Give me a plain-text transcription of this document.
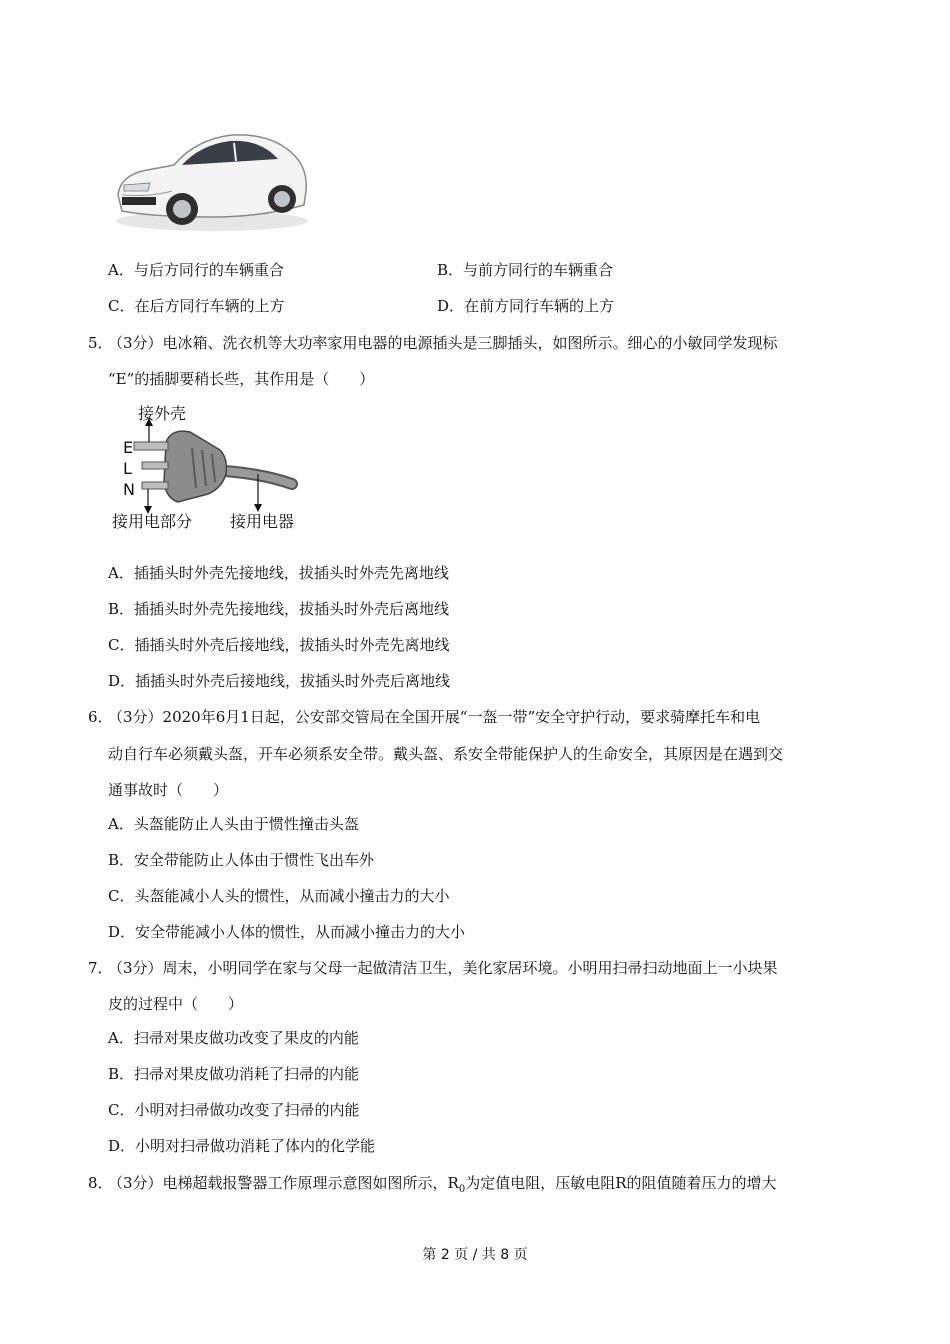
A．与后方同行的车辆重合	B．与前方同行的车辆重合
C．在后方同行车辆的上方	D．在前方同行车辆的上方
5．
（3分）电冰箱、洗衣机等大功率家用电器的电源插头是三脚插头，如图所示。细心的小敏同学发现标
“E”的插脚要稍长些，其作用是（　　）
接外壳
E
L
N
接用电部分 接用电器
A．插插头时外壳先接地线，拔插头时外壳先离地线
B．插插头时外壳先接地线，拔插头时外壳后离地线
C．插插头时外壳后接地线，拔插头时外壳先离地线
D．插插头时外壳后接地线，拔插头时外壳后离地线
6．
（3分）2020年6月1日起，公安部交管局在全国开展“一盔一带”安全守护行动，要求骑摩托车和电
动自行车必须戴头盔，开车必须系安全带。戴头盔、系安全带能保护人的生命安全，其原因是在遇到交
通事故时（　　）
A．头盔能防止人头由于惯性撞击头盔
B．安全带能防止人体由于惯性飞出车外
C．头盔能减小人头的惯性，从而减小撞击力的大小
D．安全带能减小人体的惯性，从而减小撞击力的大小
7．
（3分）周末，小明同学在家与父母一起做清洁卫生，美化家居环境。小明用扫帚扫动地面上一小块果
皮的过程中（　　）
A．扫帚对果皮做功改变了果皮的内能
B．扫帚对果皮做功消耗了扫帚的内能
C．小明对扫帚做功改变了扫帚的内能
D．小明对扫帚做功消耗了体内的化学能
8．
（3分）电梯超载报警器工作原理示意图如图所示，$R_0$为定值电阻，压敏电阻R的阻值随着压力的增大
第 2 页 / 共 8 页
